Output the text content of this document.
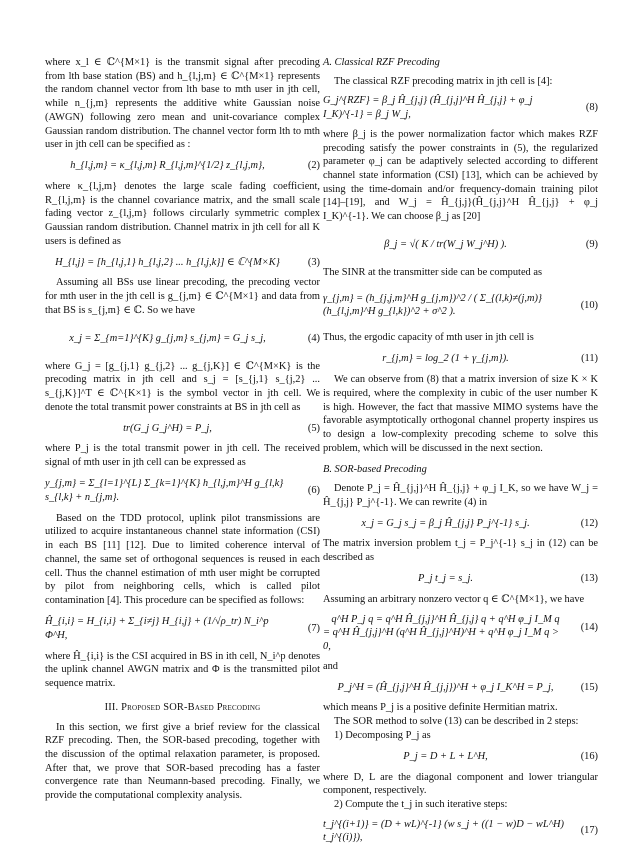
where x_l ∈ ℂ^{M×1} is the transmit signal after precoding from lth base station (BS) and h_{l,j,m} ∈ ℂ^{M×1} represents the random channel vector from lth base to mth user in jth cell, while n_{j,m} represents the additive white Gaussian noise (AWGN) following zero mean and unit-covariance complex Gaussian random distribution. The channel vector form lth to mth user in jth cell can be specified as :

h_{l,j,m} = κ_{l,j,m} R_{l,j,m}^{1/2} z_{l,j,m},	(2)

where κ_{l,j,m} denotes the large scale fading coefficient, R_{l,j,m} is the channel covariance matrix, and the small scale fading vector z_{l,j,m} follows circularly symmetric complex Gaussian random distribution. Channel matrix in jth cell for all K users is defined as

H_{l,j} = [h_{l,j,1} h_{l,j,2} ... h_{l,j,k}] ∈ ℂ^{M×K}	(3)

Assuming all BSs use linear precoding, the precoding vector for mth user in the jth cell is g_{j,m} ∈ ℂ^{M×1} and data from that BS is s_{j,m} ∈ ℂ. So we have

x_j = Σ_{m=1}^{K} g_{j,m} s_{j,m} = G_j s_j,	(4)

where G_j = [g_{j,1} g_{j,2} ... g_{j,K}] ∈ ℂ^{M×K} is the precoding matrix in jth cell and s_j = [s_{j,1} s_{j,2} ... s_{j,K}]^T ∈ ℂ^{K×1} is the symbol vector in jth cell. We denote the total transmit power constraints at BS in jth cell as

tr(G_j G_j^H) = P_j,	(5)

where P_j is the total transmit power in jth cell. The received signal of mth user in jth cell can be expressed as

y_{j,m} = Σ_{l=1}^{L} Σ_{k=1}^{K} h_{l,j,m}^H g_{l,k} s_{l,k} + n_{j,m}.
(6)

Based on the TDD protocol, uplink pilot transmissions are utilized to acquire instantaneous channel state information (CSI) in each BS [11] [12]. Due to limited coherence interval of channel, the same set of orthogonal sequences is reused in each cell. Thus the channel estimation of mth user might be corrupted by pilot from neighboring cells, which is called pilot contamination [4]. This procedure can be specified as follows:

Ĥ_{i,i} = H_{i,i} + Σ_{i≠j} H_{i,j} + (1/√ρ_tr) N_i^p Φ^H,
(7)

where Ĥ_{i,i} is the CSI acquired in BS in ith cell, N_i^p denotes the uplink channel AWGN matrix and Φ is the transmitted pilot sequence matrix.

III. Proposed SOR-Based Precoding

In this section, we first give a brief review for the classical RZF precoding. Then, the SOR-based precoding, together with the discussion of the optimal relaxation parameter, is proposed. After that, we prove that SOR-based precoding has a faster convergence rate than Neumann-based precoding. Finally, we provide the computational complexity analysis.

A. Classical RZF Precoding

The classical RZF precoding matrix in jth cell is [4]:

G_j^{RZF} = β_j Ĥ_{j,j} (Ĥ_{j,j}^H Ĥ_{j,j} + φ_j I_K)^{-1} = β_j W_j,
(8)

where β_j is the power normalization factor which makes RZF precoding satisfy the power constraints in (5), the regularized parameter φ_j can be adaptively selected according to different channel state information (CSI) [13], which can be achieved by using the time-domain and/or frequency-domain training pilot [14]–[19], and W_j = Ĥ_{j,j}(Ĥ_{j,j}^H Ĥ_{j,j} + φ_j I_K)^{-1}. We can choose β_j as [20]

β_j = √( K / tr(W_j W_j^H) ).	(9)

The SINR at the transmitter side can be computed as

γ_{j,m} = (h_{j,j,m}^H g_{j,m})^2 / ( Σ_{(l,k)≠(j,m)} (h_{l,j,m}^H g_{l,k})^2 + σ^2 ).
(10)

Thus, the ergodic capacity of mth user in jth cell is

r_{j,m} = log_2 (1 + γ_{j,m}).	(11)

We can observe from (8) that a matrix inversion of size K × K is required, where the complexity in cubic of the user number K is high. However, the fact that massive MIMO systems have the favorable asymptotically orthogonal channel property inspires us to design a low-complexity precoding scheme to solve this problem, which will be discussed in the next section.

B. SOR-based Precoding

Denote P_j = Ĥ_{j,j}^H Ĥ_{j,j} + φ_j I_K, so we have W_j = Ĥ_{j,j} P_j^{-1}. We can rewrite (4) in

x_j = G_j s_j = β_j Ĥ_{j,j} P_j^{-1} s_j.	(12)

The matrix inversion problem t_j = P_j^{-1} s_j in (12) can be described as

P_j t_j = s_j.	(13)

Assuming an arbitrary nonzero vector q ∈ ℂ^{M×1}, we have

q^H P_j q = q^H Ĥ_{j,j}^H Ĥ_{j,j} q + q^H φ_j I_M q
= q^H Ĥ_{j,j}^H (q^H Ĥ_{j,j}^H)^H + q^H φ_j I_M q > 0,
(14)

and

P_j^H = (Ĥ_{j,j}^H Ĥ_{j,j})^H + φ_j I_K^H = P_j,	(15)

which means P_j is a positive definite Hermitian matrix.

The SOR method to solve (13) can be described in 2 steps:

1) Decomposing P_j as

P_j = D + L + L^H,	(16)

where D, L are the diagonal component and lower triangular component, respectively.

2) Compute the t_j in such iterative steps:

t_j^{(i+1)} = (D + wL)^{-1} (w s_j + ((1 − w)D − wL^H) t_j^{(i)}),
(17)
